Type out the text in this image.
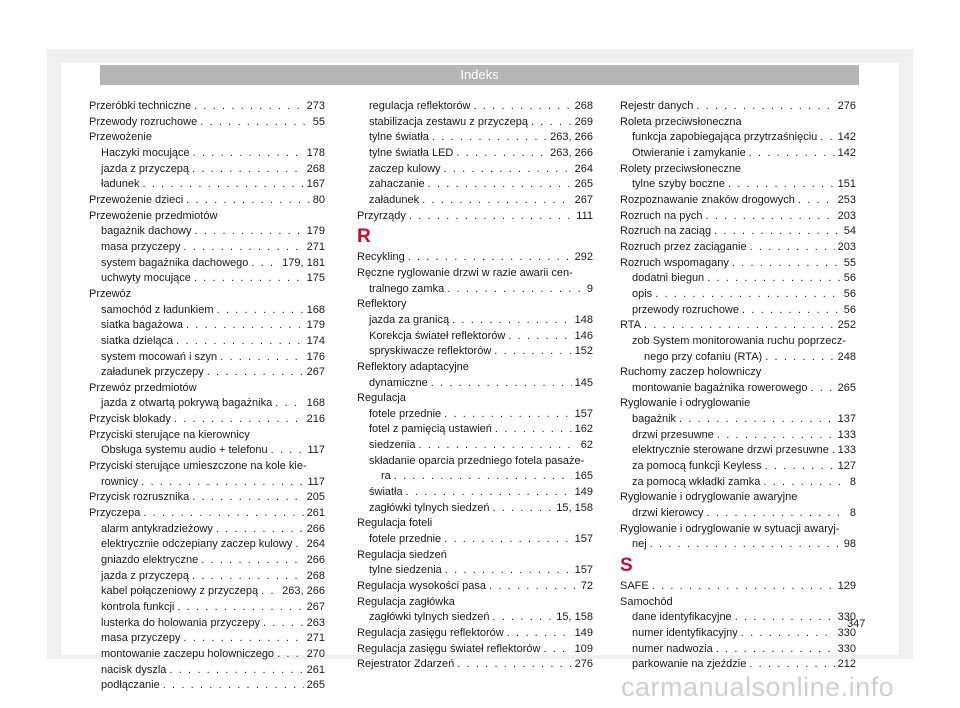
Indeks
Przeróbki techniczne . . .	273
Przewody rozruchowe . . .	55
Przewożenie
Haczyki mocujące . . .	178
jazda z przyczepą . . .	268
ładunek . . .	167
Przewożenie dzieci . . .	80
Przewożenie przedmiotów
bagażnik dachowy . . .	179
masa przyczepy . . .	271
system bagażnika dachowego . . .	179, 181
uchwyty mocujące . . .	175
Przewóz
samochód z ładunkiem . . .	168
siatka bagażowa . . .	179
siatka dzieląca . . .	174
system mocowań i szyn . . .	176
załadunek przyczepy . . .	267
Przewóz przedmiotów
jazda z otwartą pokrywą bagażnika . . .	168
Przycisk blokady . . .	216
Przyciski sterujące na kierownicy
Obsługa systemu audio + telefonu . . .	117
Przyciski sterujące umieszczone na kole kie-
rownicy . . .	117
Przycisk rozrusznika . . .	205
Przyczepa . . .	261
alarm antykradzieżowy . . .	266
elektrycznie odczepiany zaczep kulowy . . . 264
gniazdo elektryczne . . .	266
jazda z przyczepą . . .	268
kabel połączeniowy z przyczepą . . . 263, 266
kontrola funkcji . . .	267
lusterka do holowania przyczepy . . .	263
masa przyczepy . . .	271
montowanie zaczepu holowniczego . . .	270
nacisk dyszla . . .	261
podłączanie . . .	265
regulacja reflektorów . . .	268
stabilizacja zestawu z przyczepą . . .	269
tylne światła . . .	263, 266
tylne światła LED . . .	263, 266
zaczep kulowy . . .	264
zahaczanie . . .	265
załadunek . . .	267
Przyrządy . . .	111
R
Recykling . . .	292
Ręczne ryglowanie drzwi w razie awarii cen-
tralnego zamka . . .	9
Reflektory
jazda za granicą . . .	148
Korekcja świateł reflektorów . . .	146
spryskiwacze reflektorów . . .	152
Reflektory adaptacyjne
dynamiczne . . .	145
Regulacja
fotele przednie . . .	157
fotel z pamięcią ustawień . . .	162
siedzenia . . .	62
składanie oparcia przedniego fotela pasaże-
ra . . .	165
światła . . .	149
zagłówki tylnych siedzeń . . .	15, 158
Regulacja foteli
fotele przednie . . .	157
Regulacja siedzeń
tylne siedzenia . . .	157
Regulacja wysokości pasa . . .	72
Regulacja zagłówka
zagłówki tylnych siedzeń . . .	15, 158
Regulacja zasięgu reflektorów . . .	149
Regulacja zasięgu świateł reflektorów . . .	109
Rejestrator Zdarzeń . . .	276
Rejestr danych . . .	276
Roleta przeciwsłoneczna
funkcja zapobiegająca przytrzaśnięciu . . . 142
Otwieranie i zamykanie . . .	142
Rolety przeciwsłoneczne
tylne szyby boczne . . .	151
Rozpoznawanie znaków drogowych . . .	253
Rozruch na pych . . .	203
Rozruch na zaciąg . . .	54
Rozruch przez zaciąganie . . .	203
Rozruch wspomagany . . .	55
dodatni biegun . . .	56
opis . . .	56
przewody rozruchowe . . .	56
RTA . . .	252
zob System monitorowania ruchu poprzecz-
nego przy cofaniu (RTA) . . .	248
Ruchomy zaczep holowniczy
montowanie bagażnika rowerowego . . .	265
Ryglowanie i odryglowanie
bagażnik . . .	137
drzwi przesuwne . . .	133
elektrycznie sterowane drzwi przesuwne . . . 133
za pomocą funkcji Keyless . . .	127
za pomocą wkładki zamka . . .	8
Ryglowanie i odryglowanie awaryjne
drzwi kierowcy . . .	8
Ryglowanie i odryglowanie w sytuacji awaryj-
nej . . .	98
S
SAFE . . .	129
Samochód
dane identyfikacyjne . . .	330
numer identyfikacyjny . . .	330
numer nadwozia . . .	330
parkowanie na zjeździe . . .	212
347
carmanualsonline.info
